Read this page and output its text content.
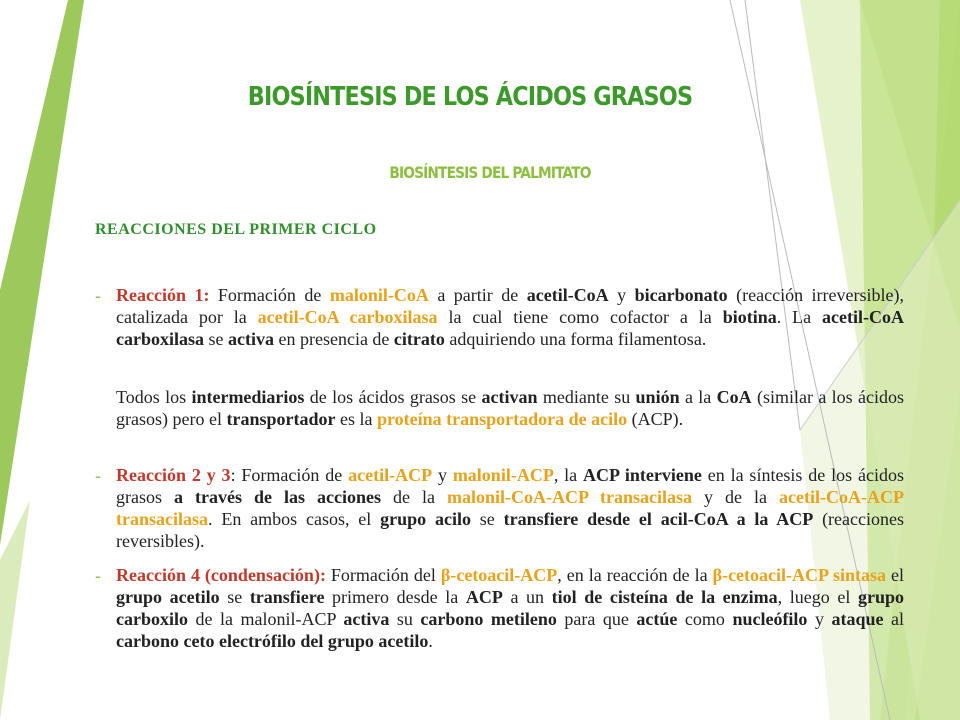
BIOSÍNTESIS DE LOS ÁCIDOS GRASOS
BIOSÍNTESIS DEL PALMITATO
REACCIONES DEL PRIMER CICLO
- Reacción 1: Formación de malonil-CoA a partir de acetil-CoA y bicarbonato (reacción irreversible), catalizada por la acetil-CoA carboxilasa la cual tiene como cofactor a la biotina. La acetil-CoA carboxilasa se activa en presencia de citrato adquiriendo una forma filamentosa.
Todos los intermediarios de los ácidos grasos se activan mediante su unión a la CoA (similar a los ácidos grasos) pero el transportador es la proteína transportadora de acilo (ACP).
- Reacción 2 y 3: Formación de acetil-ACP y malonil-ACP, la ACP interviene en la síntesis de los ácidos grasos a través de las acciones de la malonil-CoA-ACP transacilasa y de la acetil-CoA-ACP transacilasa. En ambos casos, el grupo acilo se transfiere desde el acil-CoA a la ACP (reacciones reversibles).
- Reacción 4 (condensación): Formación del β-cetoacil-ACP, en la reacción de la β-cetoacil-ACP sintasa el grupo acetilo se transfiere primero desde la ACP a un tiol de cisteína de la enzima, luego el grupo carboxilo de la malonil-ACP activa su carbono metileno para que actúe como nucleófilo y ataque al carbono ceto electrófilo del grupo acetilo.
